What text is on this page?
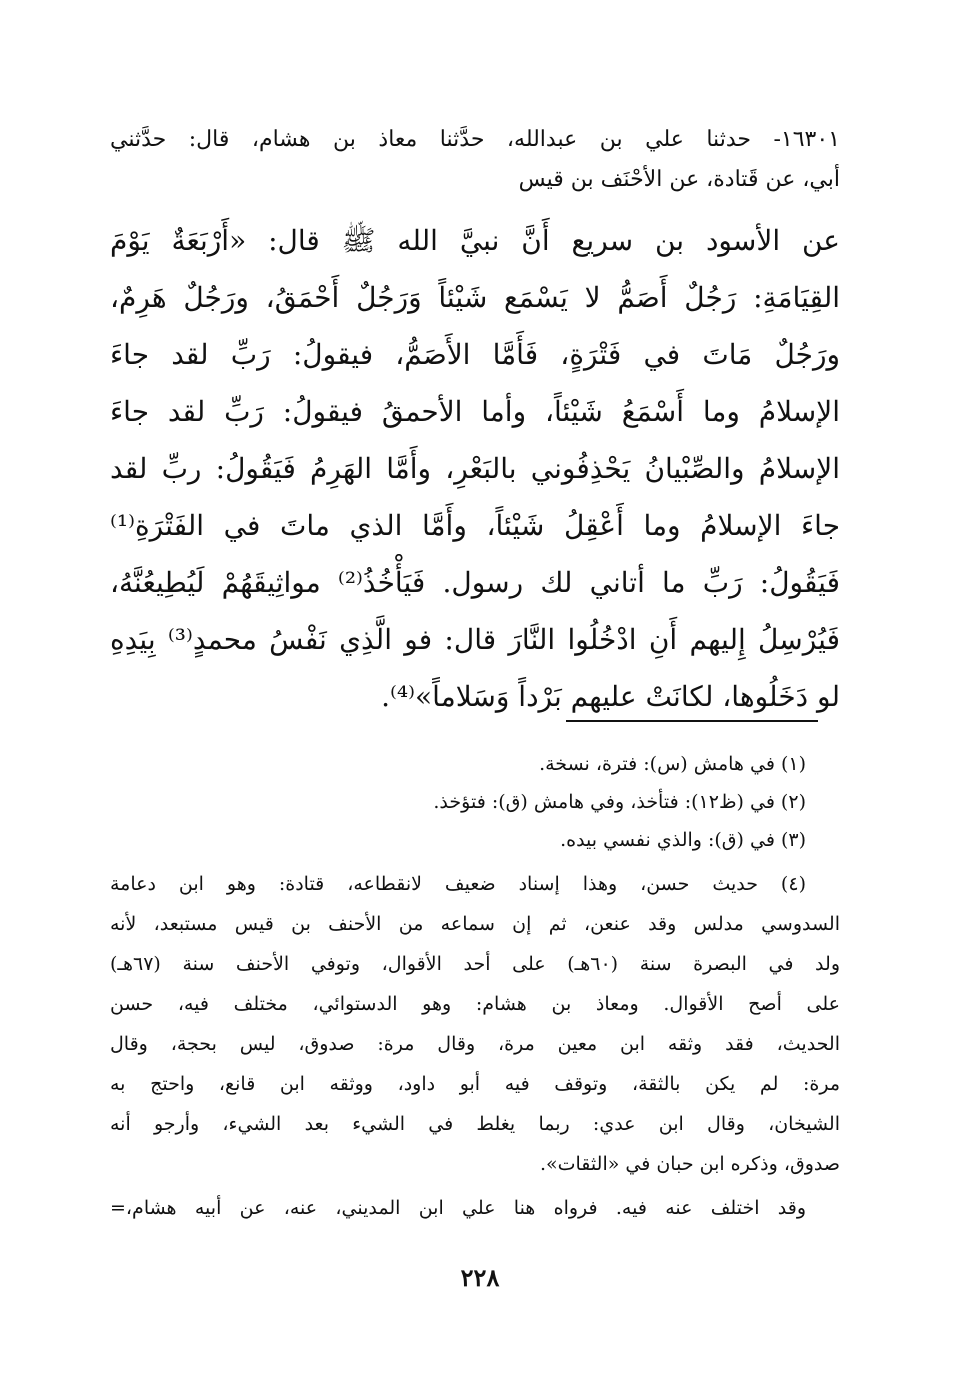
١٦٣٠١- حدثنا علي بن عبدالله، حدَّثنا معاذ بن هشام، قال: حدَّثني
أبي، عن قَتادة، عن الأحْنَف بن قيس
عن الأسود بن سريع أَنَّ نبيَّ الله ﷺ قال: «أَرْبَعَةٌ يَوْمَ
القِيَامَةِ: رَجُلٌ أَصَمُّ لا يَسْمَع شَيْئاً وَرَجُلٌ أَحْمَقُ، ورَجُلٌ هَرِمٌ،
ورَجُلٌ مَاتَ في فَتْرَةٍ، فَأَمَّا الأَصَمُّ، فيقولُ: رَبِّ لقد جاءَ
الإسلامُ وما أَسْمَعُ شَيْئاً، وأما الأحمقُ فيقولُ: رَبِّ لقد جاءَ
الإسلامُ والصِّبْيانُ يَحْذِفُوني بالبَعْرِ، وأَمَّا الهَرِمُ فَيَقُولُ: ربِّ لقد
جاءَ الإسلامُ وما أَعْقِلُ شَيْئاً، وأَمَّا الذي ماتَ في الفَتْرَةِ⁽¹⁾
فَيَقُولُ: رَبِّ ما أتاني لك رسول. فَيَأْخُذُ⁽²⁾ مواثِيقَهُمْ لَيُطِيعُنَّهُ،
فَيُرْسِلُ إِليهم أَنِ ادْخُلُوا النَّارَ قال: فو الَّذِي نَفْسُ محمدٍ⁽³⁾ بِيَدِهِ
لو دَخَلُوها، لكانَتْ عليهم بَرْداً وَسَلاماً»⁽⁴⁾.
(١) في هامش (س): فترة، نسخة.
(٢) في (ظ١٢): فتأخذ، وفي هامش (ق): فتؤخذ.
(٣) في (ق): والذي نفسي بيده.
(٤) حديث حسن، وهذا إسناد ضعيف لانقطاعه، قتادة: وهو ابن دعامة
السدوسي مدلس وقد عنعن، ثم إن سماعه من الأحنف بن قيس مستبعد، لأنه
ولد في البصرة سنة (٦٠هـ) على أحد الأقوال، وتوفي الأحنف سنة (٦٧هـ)
على أصح الأقوال. ومعاذ بن هشام: وهو الدستوائي، مختلف فيه، حسن
الحديث، فقد وثقه ابن معين مرة، وقال مرة: صدوق، ليس بحجة، وقال
مرة: لم يكن بالثقة، وتوقف فيه أبو داود، ووثقه ابن قانع، واحتج به
الشيخان، وقال ابن عدي: ربما يغلط في الشيء بعد الشيء، وأرجو أنه
صدوق، وذكره ابن حبان في «الثقات».
وقد اختلف عنه فيه. فرواه هنا علي ابن المديني، عنه، عن أبيه هشام،=
٢٢٨
